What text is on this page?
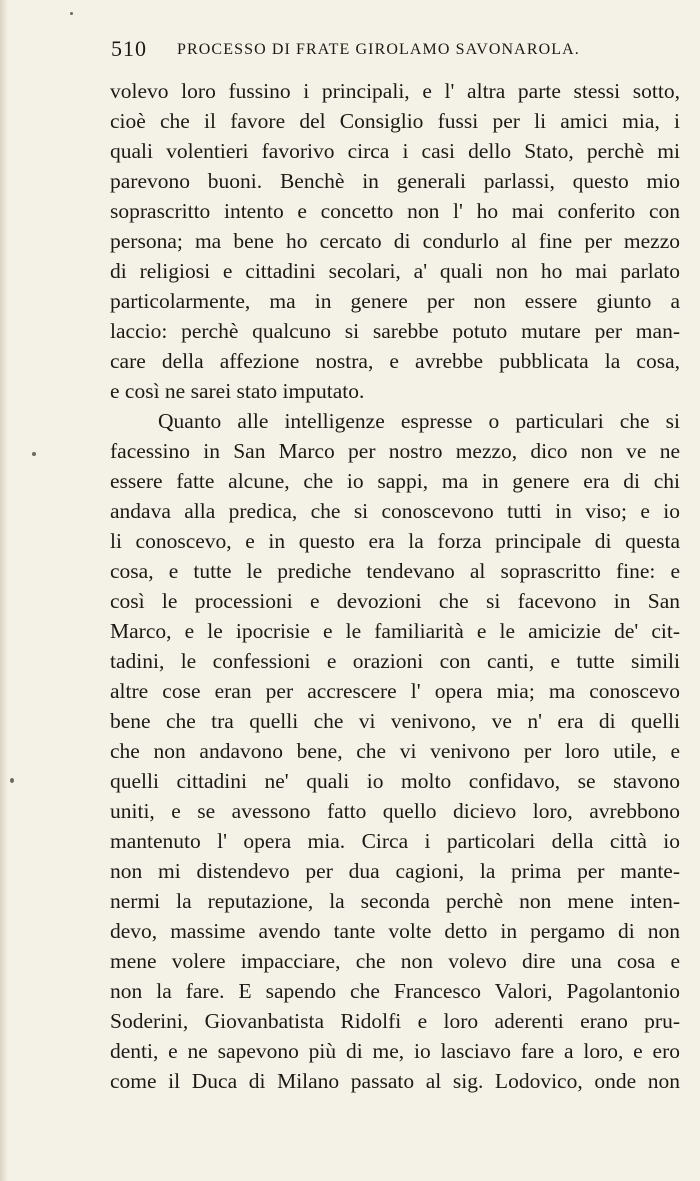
510 PROCESSO DI FRATE GIROLAMO SAVONAROLA.
volevo loro fussino i principali, e l' altra parte stessi sotto,
cioè che il favore del Consiglio fussi per li amici mia, i
quali volentieri favorivo circa i casi dello Stato, perchè mi
parevono buoni. Benchè in generali parlassi, questo mio
soprascritto intento e concetto non l' ho mai conferito con
persona; ma bene ho cercato di condurlo al fine per mezzo
di religiosi e cittadini secolari, a' quali non ho mai parlato
particolarmente, ma in genere per non essere giunto a
laccio: perchè qualcuno si sarebbe potuto mutare per man-
care della affezione nostra, e avrebbe pubblicata la cosa,
e così ne sarei stato imputato.
Quanto alle intelligenze espresse o particulari che si
facessino in San Marco per nostro mezzo, dico non ve ne
essere fatte alcune, che io sappi, ma in genere era di chi
andava alla predica, che si conoscevono tutti in viso; e io
li conoscevo, e in questo era la forza principale di questa
cosa, e tutte le prediche tendevano al soprascritto fine: e
così le processioni e devozioni che si facevono in San
Marco, e le ipocrisie e le familiarità e le amicizie de' cit-
tadini, le confessioni e orazioni con canti, e tutte simili
altre cose eran per accrescere l' opera mia; ma conoscevo
bene che tra quelli che vi venivono, ve n' era di quelli
che non andavono bene, che vi venivono per loro utile, e
quelli cittadini ne' quali io molto confidavo, se stavono
uniti, e se avessono fatto quello dicievo loro, avrebbono
mantenuto l' opera mia. Circa i particolari della città io
non mi distendevo per dua cagioni, la prima per mante-
nermi la reputazione, la seconda perchè non mene inten-
devo, massime avendo tante volte detto in pergamo di non
mene volere impacciare, che non volevo dire una cosa e
non la fare. E sapendo che Francesco Valori, Pagolantonio
Soderini, Giovanbatista Ridolfi e loro aderenti erano pru-
denti, e ne sapevono più di me, io lasciavo fare a loro, e ero
come il Duca di Milano passato al sig. Lodovico, onde non
